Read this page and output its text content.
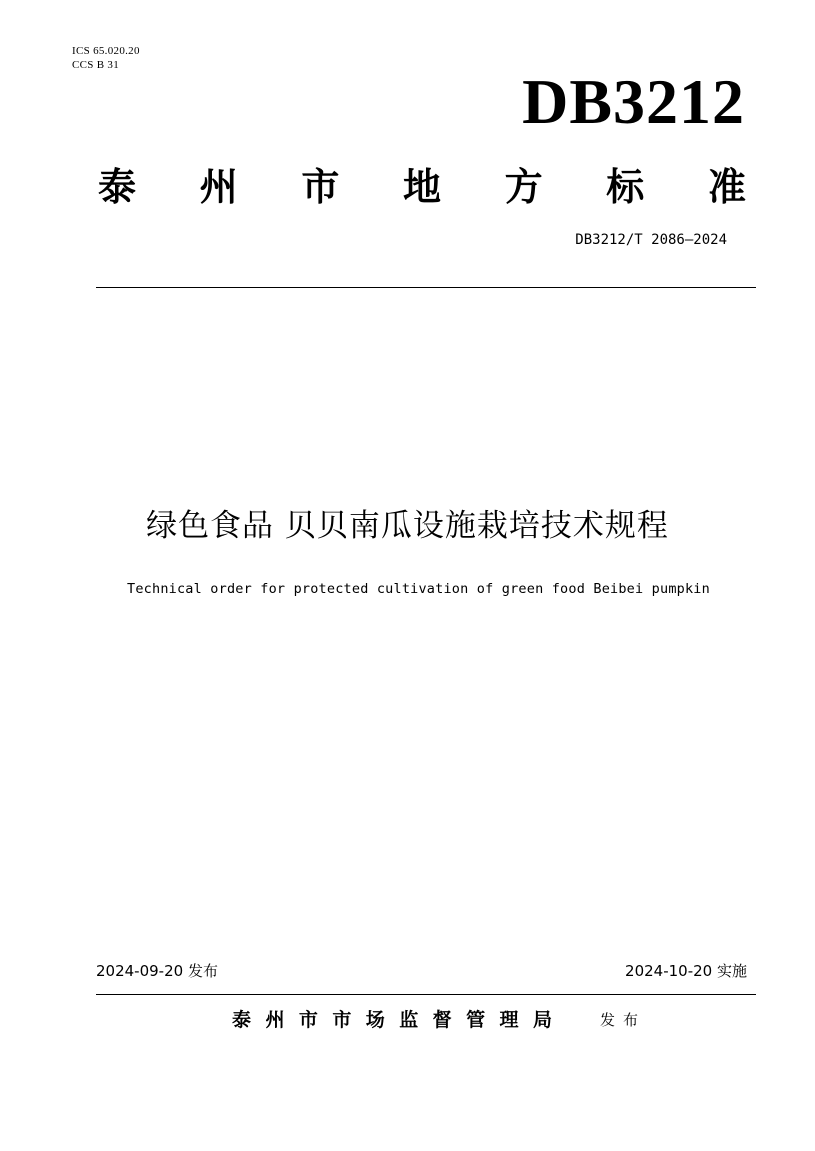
ICS 65.020.20
CCS B 31
DB3212
泰 州 市 地 方 标 准
DB3212/T 2086—2024
绿色食品 贝贝南瓜设施栽培技术规程
Technical order for protected cultivation of green food Beibei pumpkin
2024-09-20 发布	2024-10-20 实施
泰 州 市 市 场 监 督 管 理 局	发布
